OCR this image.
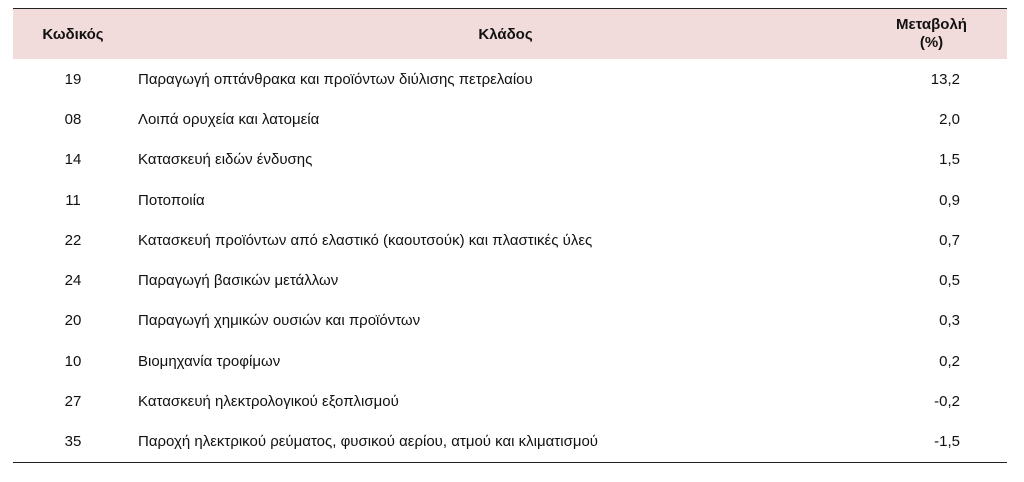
Κωδικός	Κλάδος	Μεταβολή
(%)

19	Παραγωγή οπτάνθρακα και προϊόντων διύλισης πετρελαίου	13,2
08	Λοιπά ορυχεία και λατομεία	2,0
14	Κατασκευή ειδών ένδυσης	1,5
11	Ποτοποιία	0,9
22	Κατασκευή προϊόντων από ελαστικό (καουτσούκ) και πλαστικές ύλες	0,7
24	Παραγωγή βασικών μετάλλων	0,5
20	Παραγωγή χημικών ουσιών και προϊόντων	0,3
10	Βιομηχανία τροφίμων	0,2
27	Κατασκευή ηλεκτρολογικού εξοπλισμού	-0,2
35	Παροχή ηλεκτρικού ρεύματος, φυσικού αερίου, ατμού και κλιματισμού	-1,5
